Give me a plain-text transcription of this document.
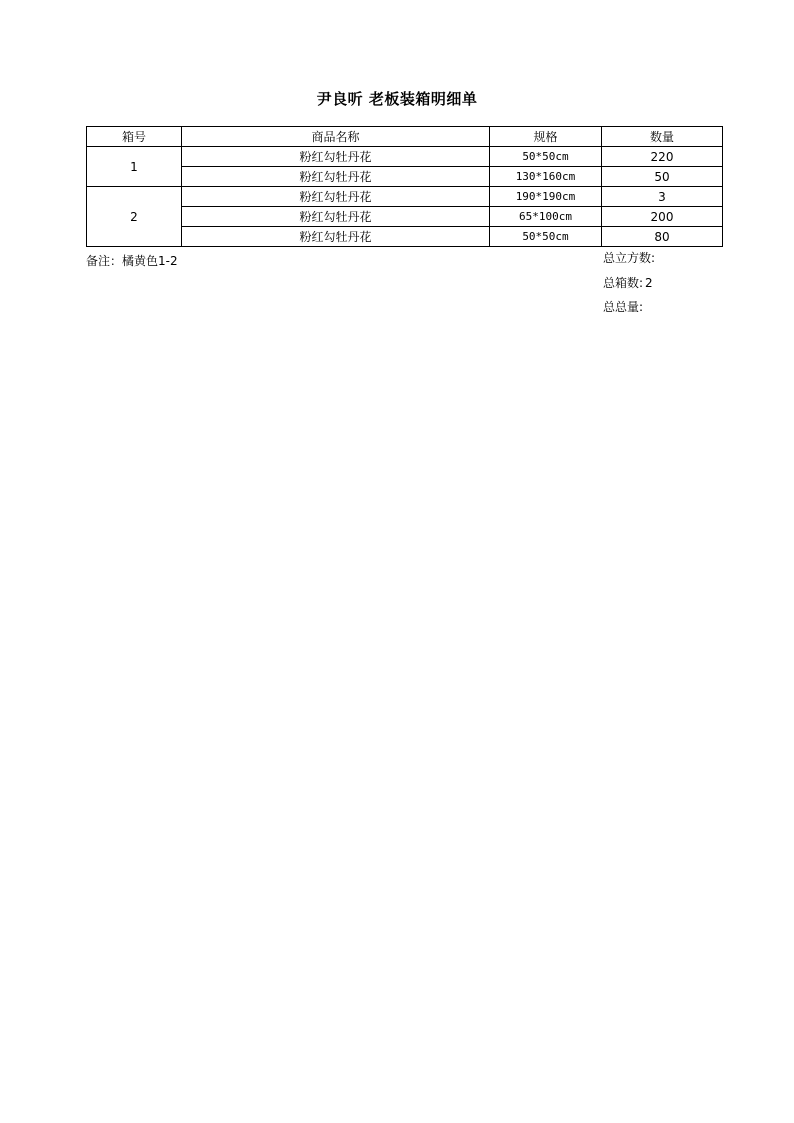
尹良听 老板装箱明细单
箱号	商品名称	规格	数量
1	粉红勾牡丹花	50*50cm	220
	粉红勾牡丹花	130*160cm	50
2	粉红勾牡丹花	190*190cm	3
	粉红勾牡丹花	65*100cm	200
	粉红勾牡丹花	50*50cm	80
备注：橘黄色1-2	总立方数:
总箱数: 2
总总量:
